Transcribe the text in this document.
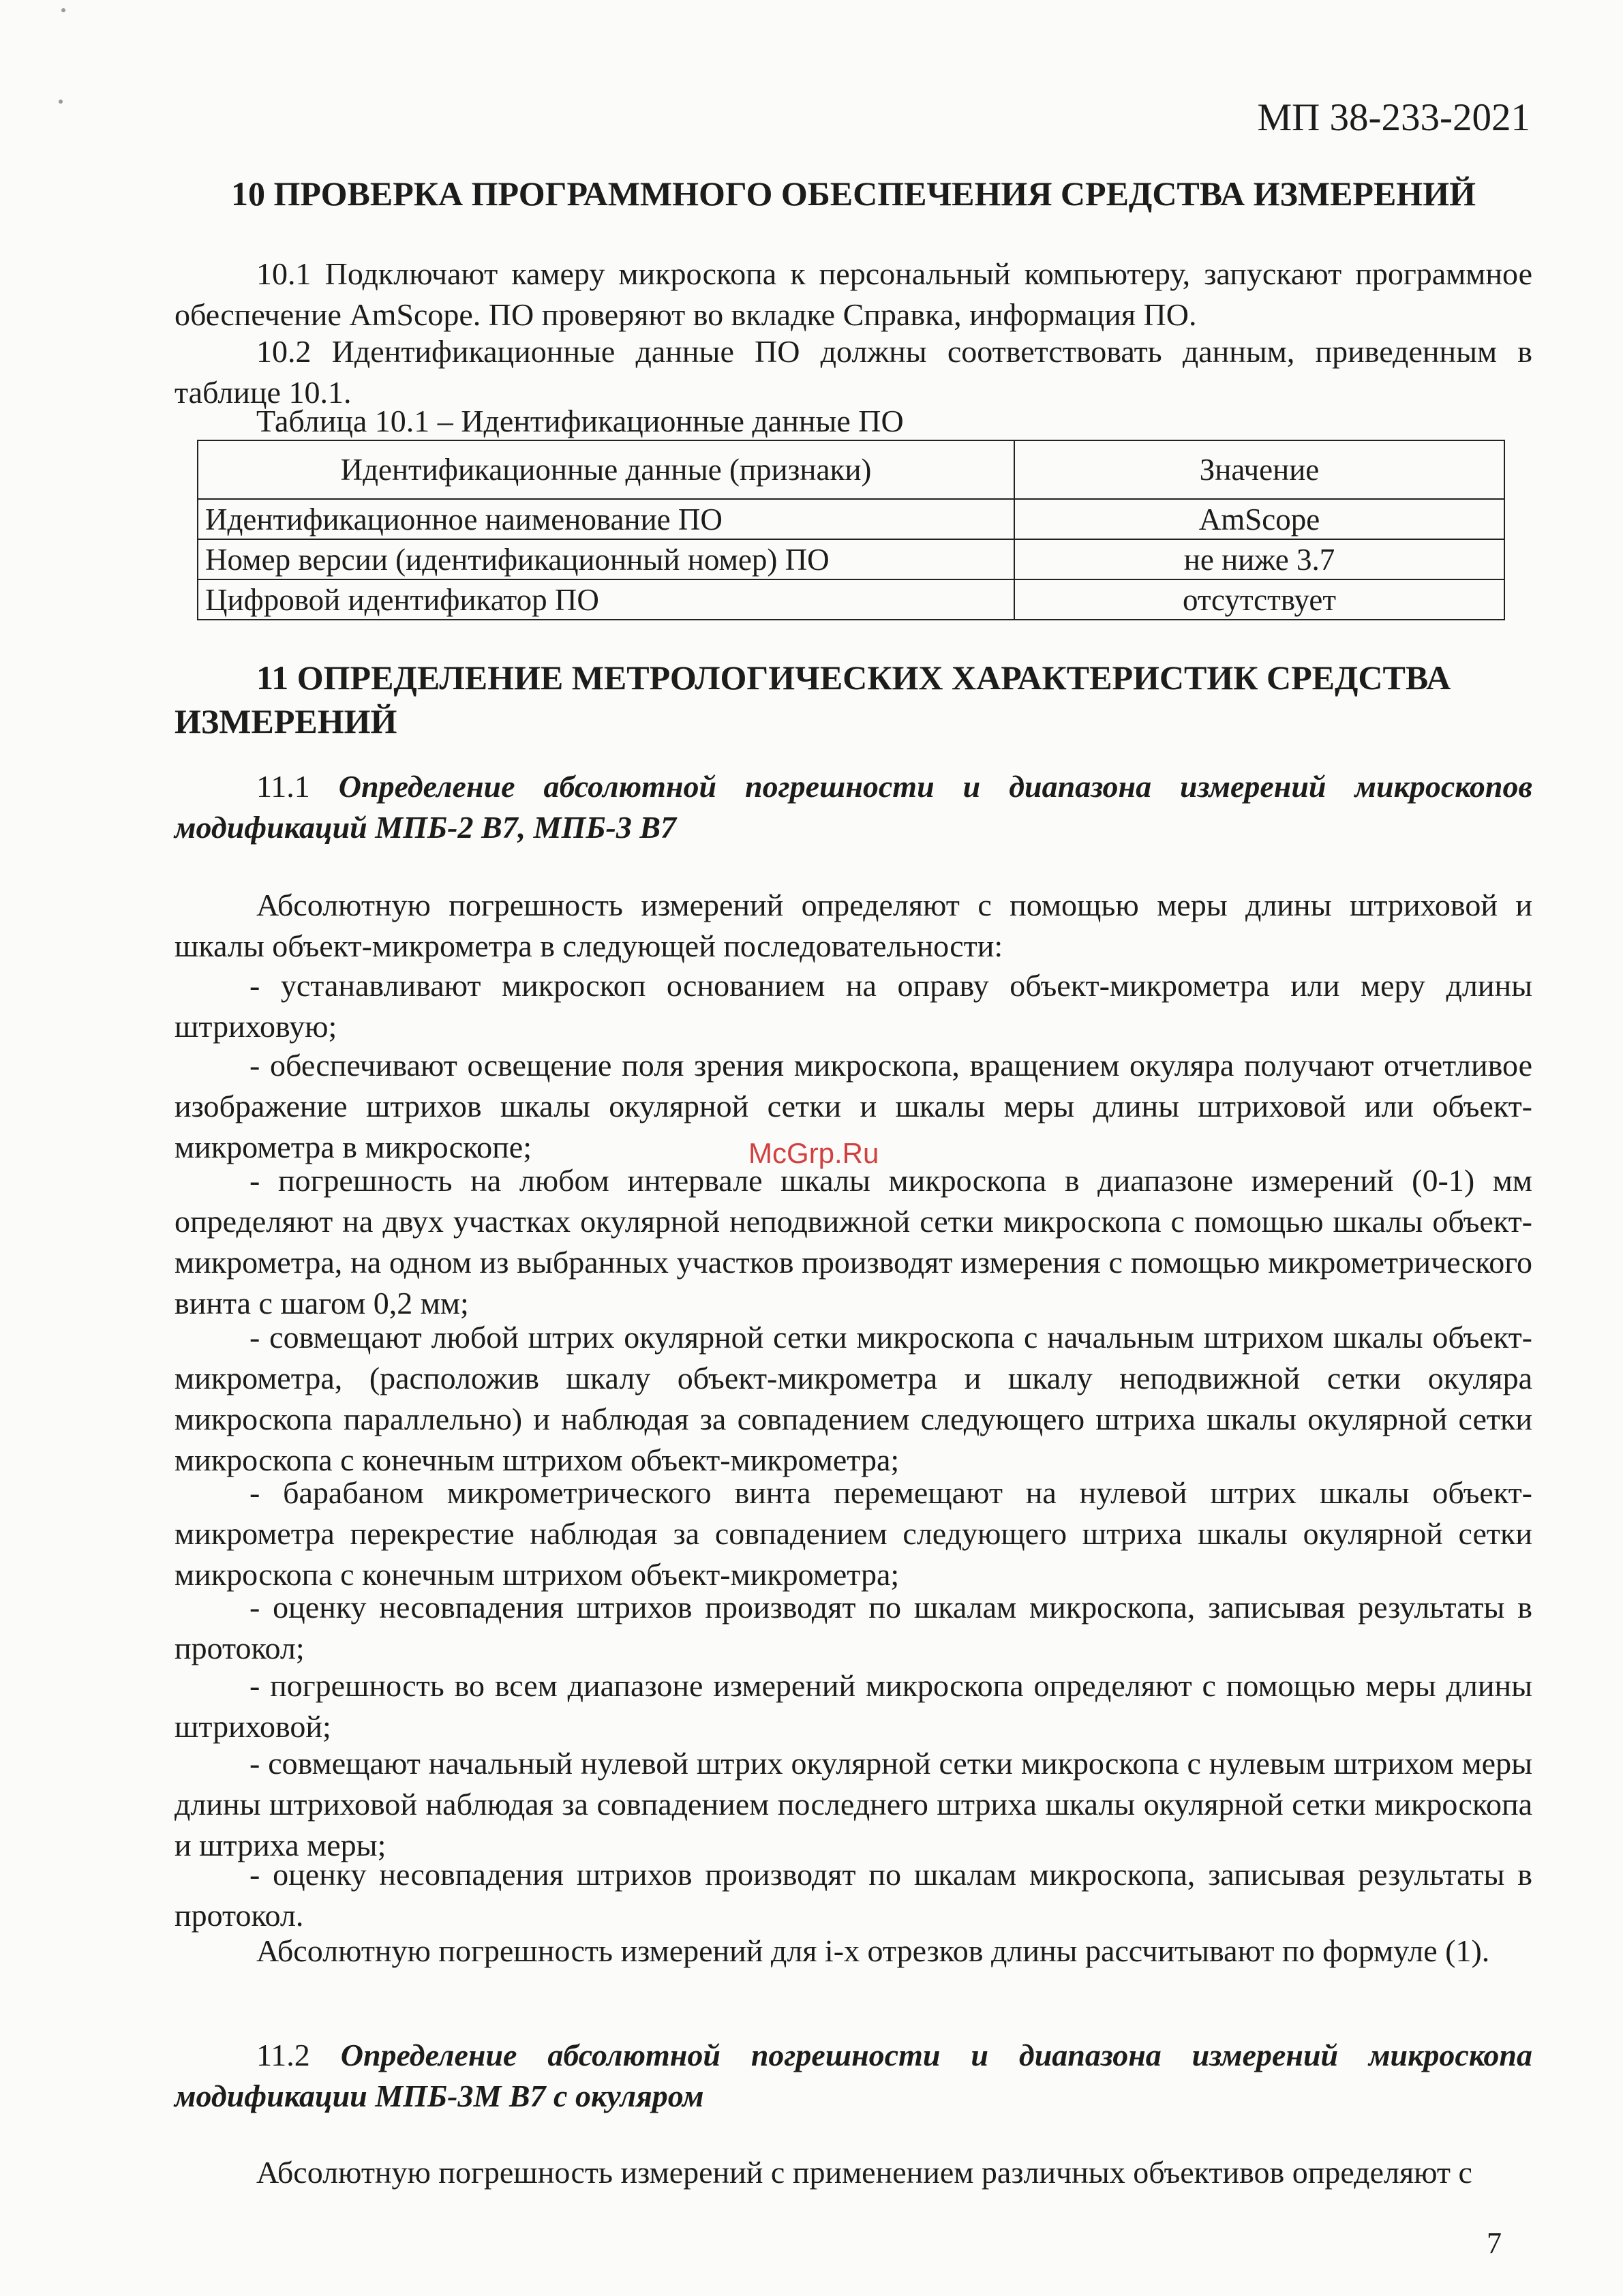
МП 38-233-2021
10 ПРОВЕРКА ПРОГРАММНОГО ОБЕСПЕЧЕНИЯ СРЕДСТВА ИЗМЕРЕНИЙ
10.1 Подключают камеру микроскопа к персональный компьютеру, запускают программное обеспечение AmScope. ПО проверяют во вкладке Справка, информация ПО.
10.2 Идентификационные данные ПО должны соответствовать данным, приведенным в таблице 10.1.
Таблица 10.1 – Идентификационные данные ПО
Идентификационные данные (признаки)	Значение
Идентификационное наименование ПО	AmScope
Номер версии (идентификационный номер) ПО	не ниже 3.7
Цифровой идентификатор ПО	отсутствует
11 ОПРЕДЕЛЕНИЕ МЕТРОЛОГИЧЕСКИХ ХАРАКТЕРИСТИК СРЕДСТВА ИЗМЕРЕНИЙ
11.1 Определение абсолютной погрешности и диапазона измерений микроскопов модификаций МПБ-2 В7, МПБ-3 В7
Абсолютную погрешность измерений определяют с помощью меры длины штриховой и шкалы объект-микрометра в следующей последовательности:
- устанавливают микроскоп основанием на оправу объект-микрометра или меру длины штриховую;
- обеспечивают освещение поля зрения микроскопа, вращением окуляра получают отчетливое изображение штрихов шкалы окулярной сетки и шкалы меры длины штриховой или объект-микрометра в микроскопе;
- погрешность на любом интервале шкалы микроскопа в диапазоне измерений (0-1) мм определяют на двух участках окулярной неподвижной сетки микроскопа с помощью шкалы объект-микрометра, на одном из выбранных участков производят измерения с помощью микрометрического винта с шагом 0,2 мм;
- совмещают любой штрих окулярной сетки микроскопа с начальным штрихом шкалы объект-микрометра, (расположив шкалу объект-микрометра и шкалу неподвижной сетки окуляра микроскопа параллельно) и наблюдая за совпадением следующего штриха шкалы окулярной сетки микроскопа с конечным штрихом объект-микрометра;
- барабаном микрометрического винта перемещают на нулевой штрих шкалы объект-микрометра перекрестие наблюдая за совпадением следующего штриха шкалы окулярной сетки микроскопа с конечным штрихом объект-микрометра;
- оценку несовпадения штрихов производят по шкалам микроскопа, записывая результаты в протокол;
- погрешность во всем диапазоне измерений микроскопа определяют с помощью меры длины штриховой;
- совмещают начальный нулевой штрих окулярной сетки микроскопа с нулевым штрихом меры длины штриховой наблюдая за совпадением последнего штриха шкалы окулярной сетки микроскопа и штриха меры;
- оценку несовпадения штрихов производят по шкалам микроскопа, записывая результаты в протокол.
Абсолютную погрешность измерений для i-х отрезков длины рассчитывают по формуле (1).
11.2 Определение абсолютной погрешности и диапазона измерений микроскопа модификации МПБ-3М В7 с окуляром
Абсолютную погрешность измерений с применением различных объективов определяют с
McGrp.Ru
7
